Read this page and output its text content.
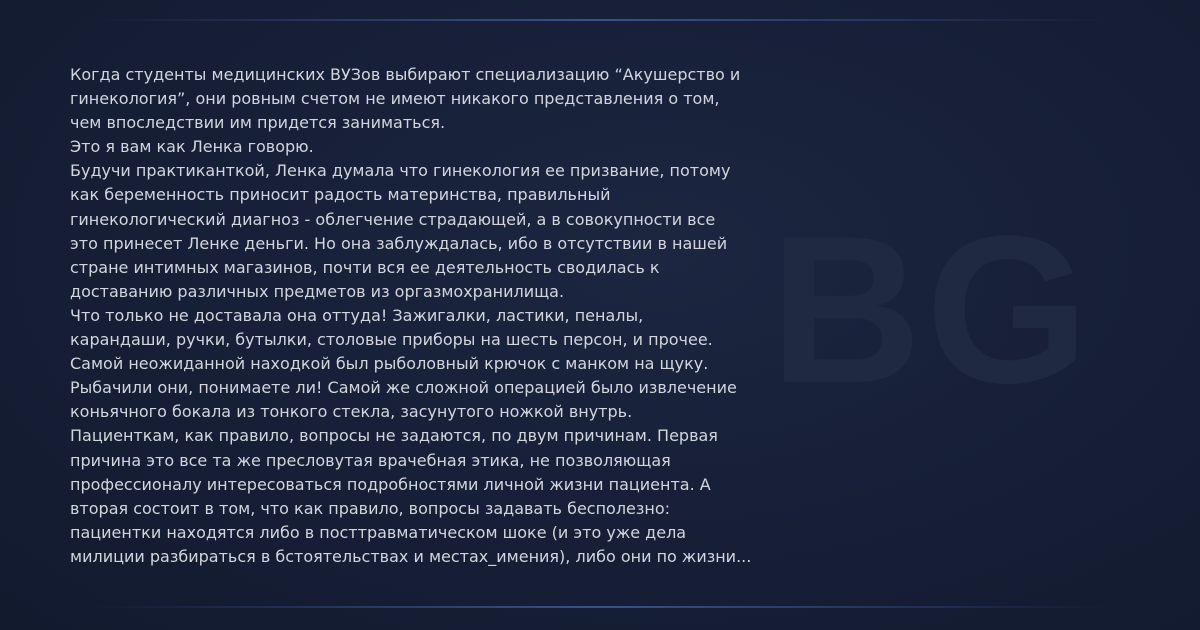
BG

Когда студенты медицинских ВУЗов выбирают специализацию “Акушерство и

гинекология”, они ровным счетом не имеют никакого представления о том,

чем впоследствии им придется заниматься.

Это я вам как Ленка говорю.

Будучи практиканткой, Ленка думала что гинекология ее призвание, потому

как беременность приносит радость материнства, правильный

гинекологический диагноз - облегчение страдающей, а в совокупности все

это принесет Ленке деньги. Но она заблуждалась, ибо в отсутствии в нашей

стране интимных магазинов, почти вся ее деятельность сводилась к

доставанию различных предметов из оргазмохранилища.

Что только не доставала она оттуда! Зажигалки, ластики, пеналы,

карандаши, ручки, бутылки, столовые приборы на шесть персон, и прочее.

Самой неожиданной находкой был рыболовный крючок с манком на щуку.

Рыбачили они, понимаете ли! Самой же сложной операцией было извлечение

коньячного бокала из тонкого стекла, засунутого ножкой внутрь.

Пациенткам, как правило, вопросы не задаются, по двум причинам. Первая

причина это все та же пресловутая врачебная этика, не позволяющая

профессионалу интересоваться подробностями личной жизни пациента. А

вторая состоит в том, что как правило, вопросы задавать бесполезно:

пациентки находятся либо в посттравматическом шоке (и это уже дела

милиции разбираться в бстоятельствах и местах_имения), либо они по жизни...
